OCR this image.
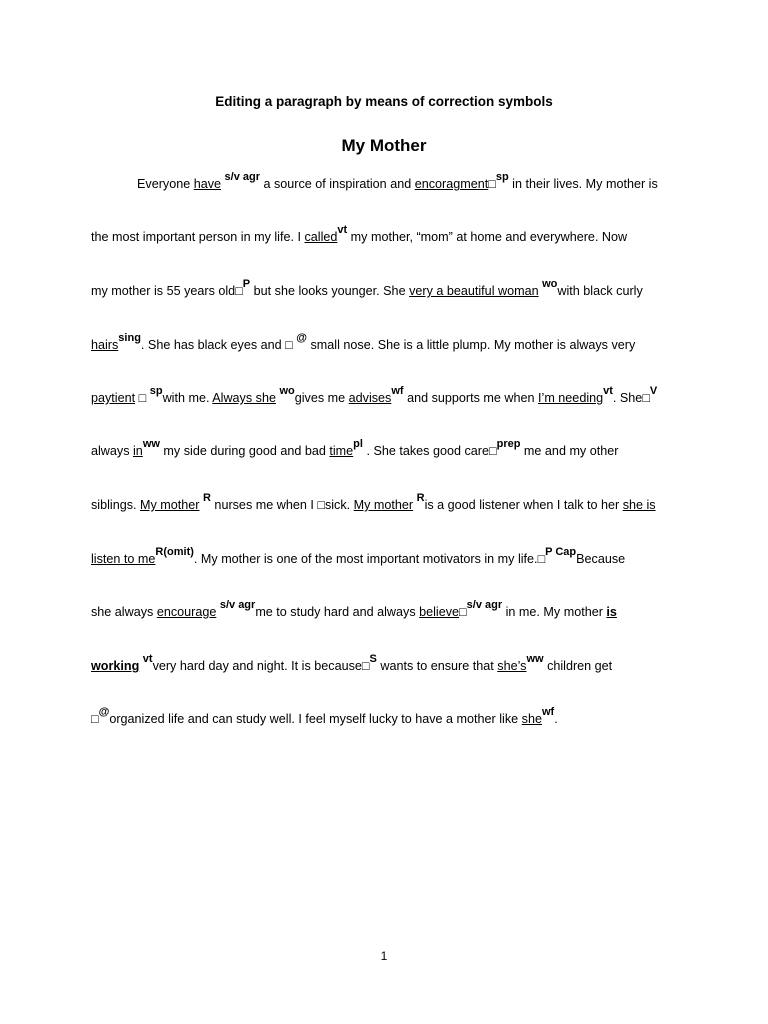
Editing a paragraph by means of correction symbols
My Mother
Everyone have s/v agr a source of inspiration and encoragment□sp in their lives. My mother is
the most important person in my life. I calledvt my mother, “mom” at home and everywhere. Now
my mother is 55 years old□P but she looks younger. She very a beautiful woman wowith black curly
hairssing. She has black eyes and □ @ small nose. She is a little plump. My mother is always very
paytient □ spwith me. Always she wogives me adviseswf and supports me when I’m needingvt. She□V
always inww my side during good and bad timepl . She takes good care□prep me and my other
siblings. My mother R nurses me when I □sick. My mother Ris a good listener when I talk to her she is
listen to meR(omit). My mother is one of the most important motivators in my life.□P CapBecause
she always encourage s/v agrme to study hard and always believe□s/v agr in me. My mother is
working vtvery hard day and night. It is because□S wants to ensure that she’sww children get
□@organized life and can study well. I feel myself lucky to have a mother like shewf.
1
